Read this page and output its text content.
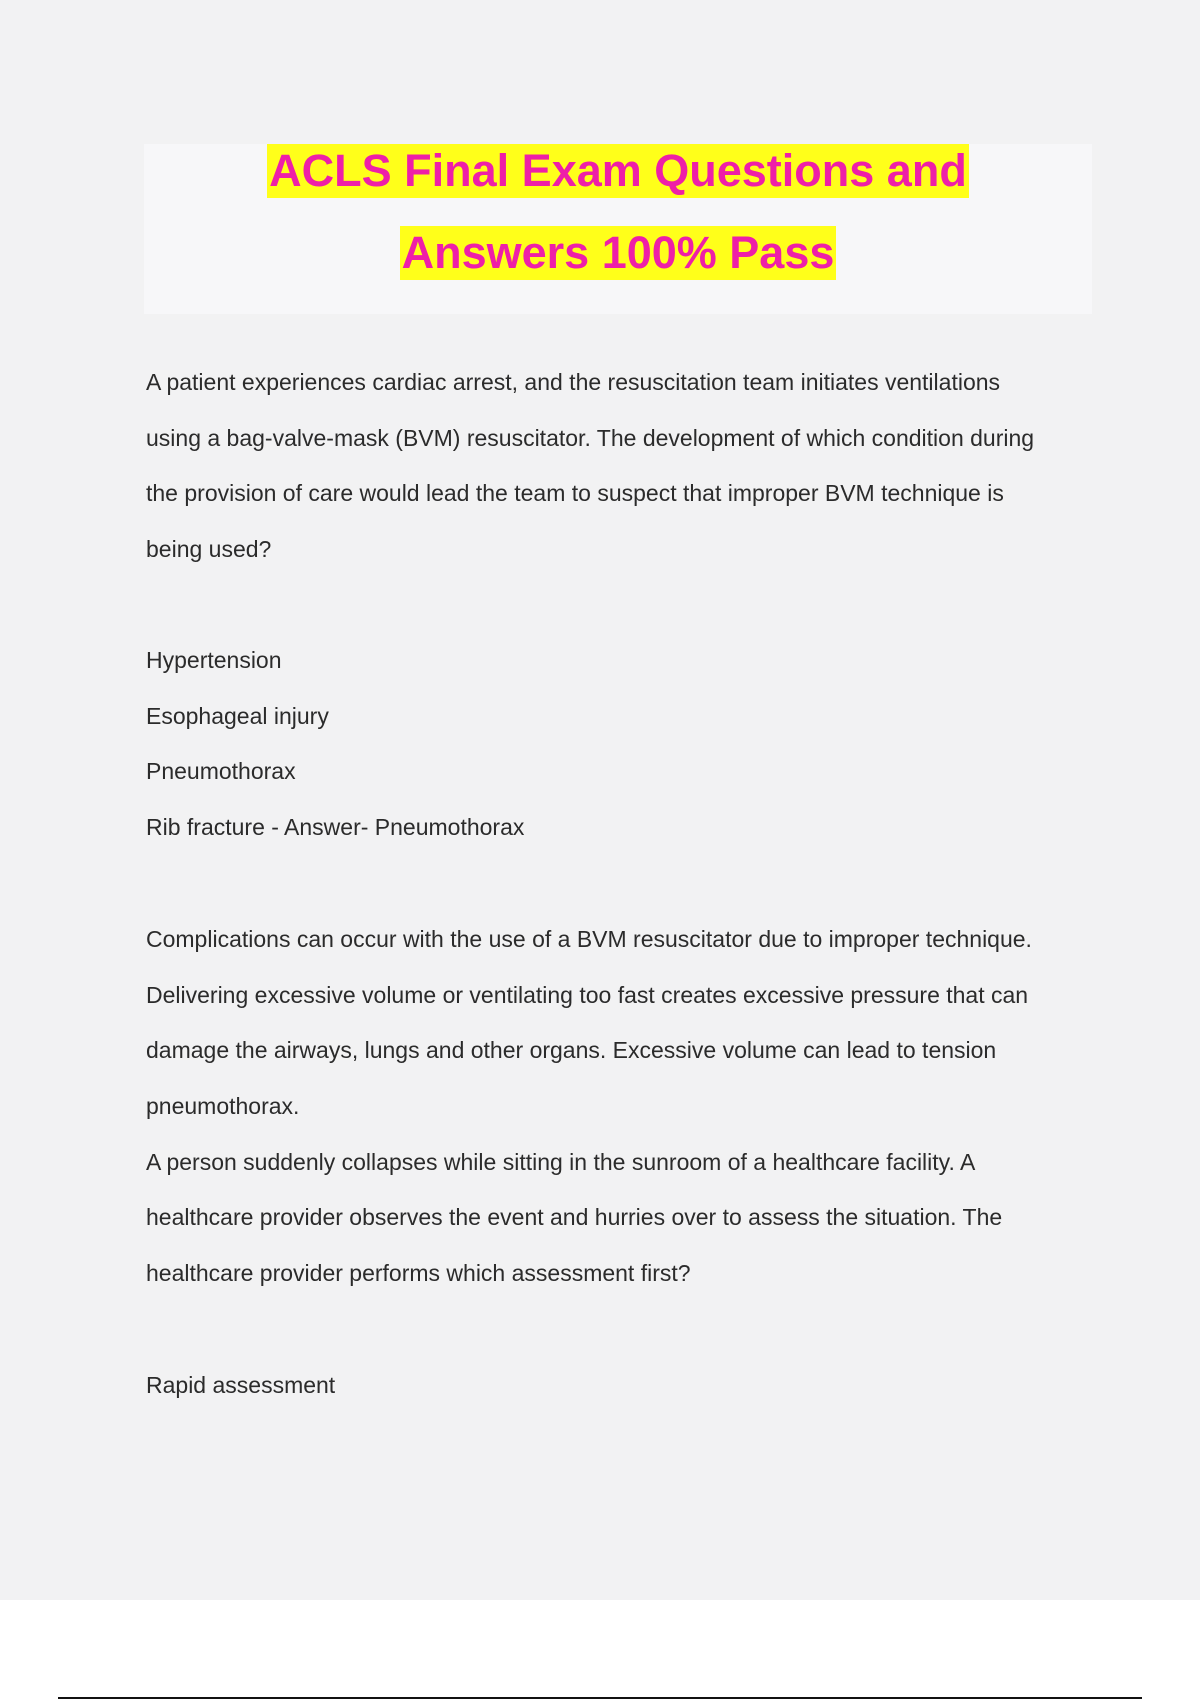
ACLS Final Exam Questions and
Answers 100% Pass
A patient experiences cardiac arrest, and the resuscitation team initiates ventilations
using a bag-valve-mask (BVM) resuscitator. The development of which condition during
the provision of care would lead the team to suspect that improper BVM technique is
being used?
Hypertension
Esophageal injury
Pneumothorax
Rib fracture - Answer- Pneumothorax
Complications can occur with the use of a BVM resuscitator due to improper technique.
Delivering excessive volume or ventilating too fast creates excessive pressure that can
damage the airways, lungs and other organs. Excessive volume can lead to tension
pneumothorax.
A person suddenly collapses while sitting in the sunroom of a healthcare facility. A
healthcare provider observes the event and hurries over to assess the situation. The
healthcare provider performs which assessment first?
Rapid assessment
